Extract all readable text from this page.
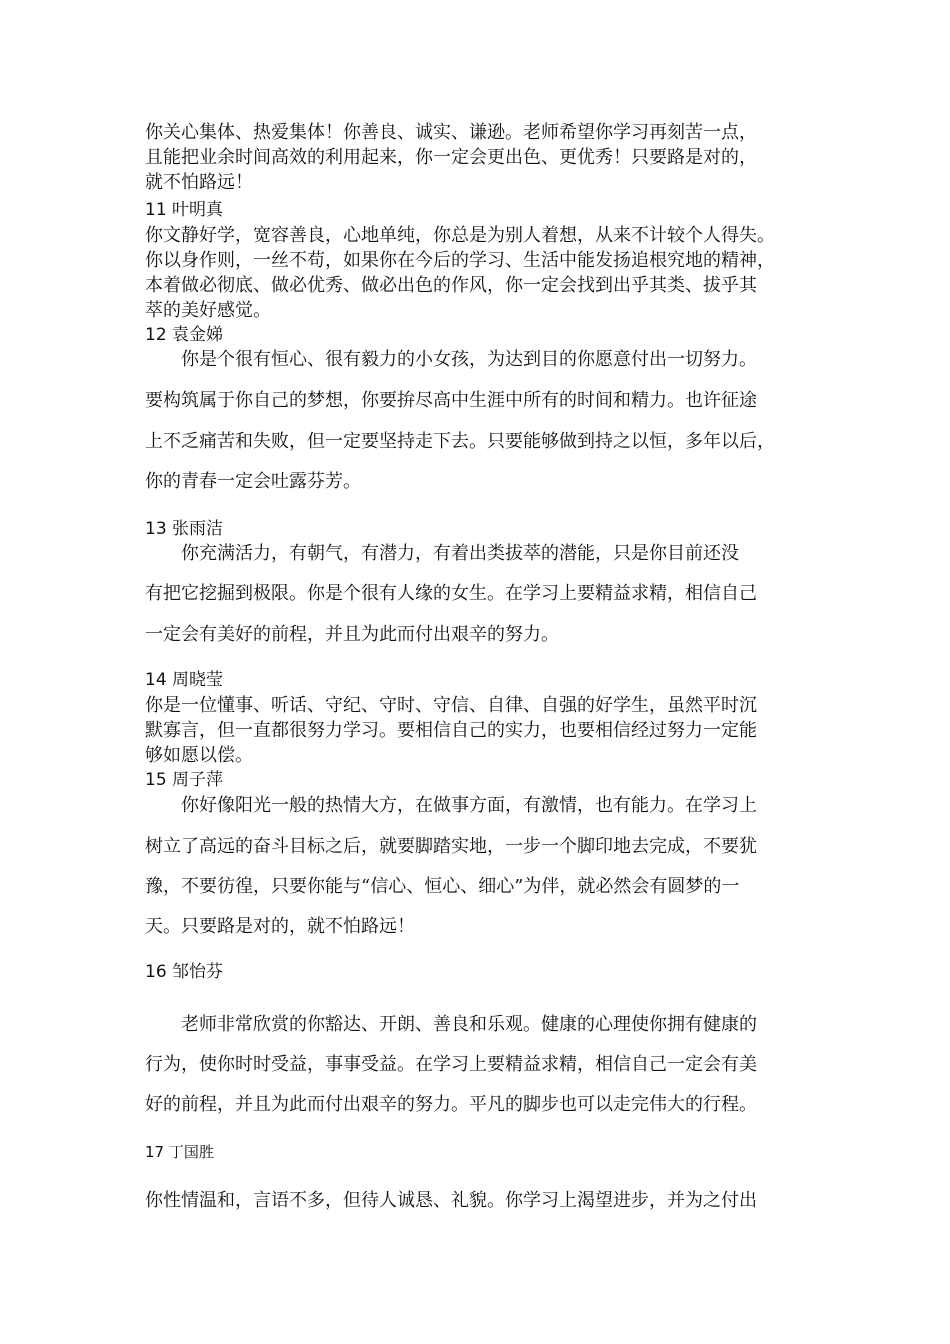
你关心集体、热爱集体！你善良、诚实、谦逊。老师希望你学习再刻苦一点，
且能把业余时间高效的利用起来，你一定会更出色、更优秀！只要路是对的，
就不怕路远！
11 叶明真
你文静好学，宽容善良，心地单纯，你总是为别人着想，从来不计较个人得失。
你以身作则，一丝不苟，如果你在今后的学习、生活中能发扬追根究地的精神，
本着做必彻底、做必优秀、做必出色的作风，你一定会找到出乎其类、拔乎其
萃的美好感觉。
12 袁金娣
你是个很有恒心、很有毅力的小女孩，为达到目的你愿意付出一切努力。
要构筑属于你自己的梦想，你要拚尽高中生涯中所有的时间和精力。也许征途
上不乏痛苦和失败，但一定要坚持走下去。只要能够做到持之以恒，多年以后，
你的青春一定会吐露芬芳。
13 张雨洁
你充满活力，有朝气，有潜力，有着出类拔萃的潜能，只是你目前还没
有把它挖掘到极限。你是个很有人缘的女生。在学习上要精益求精，相信自己
一定会有美好的前程，并且为此而付出艰辛的努力。
14 周晓莹
你是一位懂事、听话、守纪、守时、守信、自律、自强的好学生，虽然平时沉
默寡言，但一直都很努力学习。要相信自己的实力，也要相信经过努力一定能
够如愿以偿。
15 周子萍
你好像阳光一般的热情大方，在做事方面，有激情，也有能力。在学习上
树立了高远的奋斗目标之后，就要脚踏实地，一步一个脚印地去完成，不要犹
豫，不要彷徨，只要你能与“信心、恒心、细心”为伴，就必然会有圆梦的一
天。只要路是对的，就不怕路远！
16 邹怡芬
老师非常欣赏的你豁达、开朗、善良和乐观。健康的心理使你拥有健康的
行为，使你时时受益，事事受益。在学习上要精益求精，相信自己一定会有美
好的前程，并且为此而付出艰辛的努力。平凡的脚步也可以走完伟大的行程。
17 丁国胜
你性情温和，言语不多，但待人诚恳、礼貌。你学习上渴望进步，并为之付出
